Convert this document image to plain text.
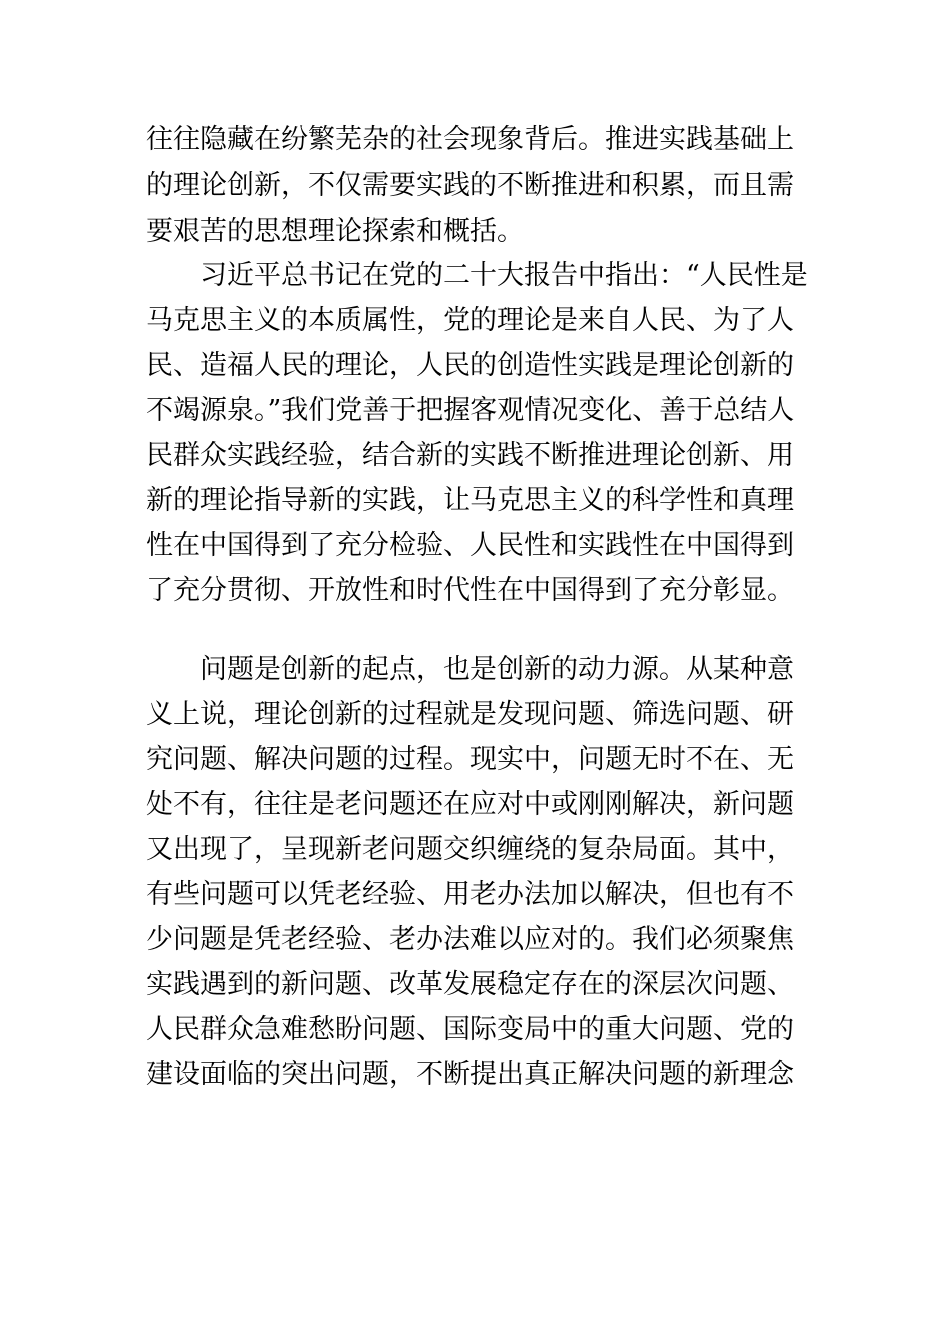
往往隐藏在纷繁芜杂的社会现象背后。推进实践基础上
的理论创新，不仅需要实践的不断推进和积累，而且需
要艰苦的思想理论探索和概括。
习近平总书记在党的二十大报告中指出：“人民性是
马克思主义的本质属性，党的理论是来自人民、为了人
民、造福人民的理论，人民的创造性实践是理论创新的
不竭源泉。”我们党善于把握客观情况变化、善于总结人
民群众实践经验，结合新的实践不断推进理论创新、用
新的理论指导新的实践，让马克思主义的科学性和真理
性在中国得到了充分检验、人民性和实践性在中国得到
了充分贯彻、开放性和时代性在中国得到了充分彰显。
问题是创新的起点，也是创新的动力源。从某种意
义上说，理论创新的过程就是发现问题、筛选问题、研
究问题、解决问题的过程。现实中，问题无时不在、无
处不有，往往是老问题还在应对中或刚刚解决，新问题
又出现了，呈现新老问题交织缠绕的复杂局面。其中，
有些问题可以凭老经验、用老办法加以解决，但也有不
少问题是凭老经验、老办法难以应对的。我们必须聚焦
实践遇到的新问题、改革发展稳定存在的深层次问题、
人民群众急难愁盼问题、国际变局中的重大问题、党的
建设面临的突出问题，不断提出真正解决问题的新理念
